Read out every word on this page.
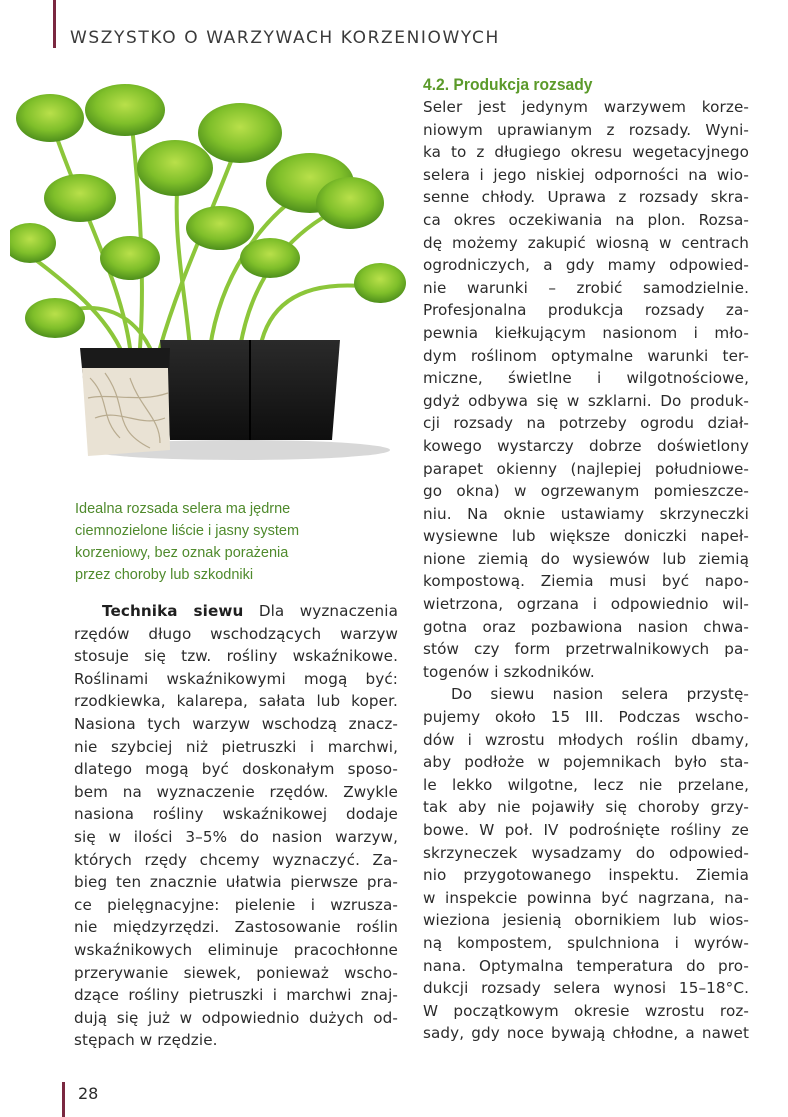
WSZYSTKO O WARZYWACH KORZENIOWYCH
Idealna rozsada selera ma jędrne
ciemnozielone liście i jasny system
korzeniowy, bez oznak porażenia
przez choroby lub szkodniki
Technika siewu Dla wyznaczenia
rzędów długo wschodzących warzyw
stosuje się tzw. rośliny wskaźnikowe.
Roślinami wskaźnikowymi mogą być:
rzodkiewka, kalarepa, sałata lub koper.
Nasiona tych warzyw wschodzą znacz-
nie szybciej niż pietruszki i marchwi,
dlatego mogą być doskonałym sposo-
bem na wyznaczenie rzędów. Zwykle
nasiona rośliny wskaźnikowej dodaje
się w ilości 3–5% do nasion warzyw,
których rzędy chcemy wyznaczyć. Za-
bieg ten znacznie ułatwia pierwsze pra-
ce pielęgnacyjne: pielenie i wzrusza-
nie międzyrzędzi. Zastosowanie roślin
wskaźnikowych eliminuje pracochłonne
przerywanie siewek, ponieważ wscho-
dzące rośliny pietruszki i marchwi znaj-
dują się już w odpowiednio dużych od-
stępach w rzędzie.
4.2. Produkcja rozsady
Seler jest jedynym warzywem korze-
niowym uprawianym z rozsady. Wyni-
ka to z długiego okresu wegetacyjnego
selera i jego niskiej odporności na wio-
senne chłody. Uprawa z rozsady skra-
ca okres oczekiwania na plon. Rozsa-
dę możemy zakupić wiosną w centrach
ogrodniczych, a gdy mamy odpowied-
nie warunki – zrobić samodzielnie.
Profesjonalna produkcja rozsady za-
pewnia kiełkującym nasionom i mło-
dym roślinom optymalne warunki ter-
miczne, świetlne i wilgotnościowe,
gdyż odbywa się w szklarni. Do produk-
cji rozsady na potrzeby ogrodu dział-
kowego wystarczy dobrze doświetlony
parapet okienny (najlepiej południowe-
go okna) w ogrzewanym pomieszcze-
niu. Na oknie ustawiamy skrzyneczki
wysiewne lub większe doniczki napeł-
nione ziemią do wysiewów lub ziemią
kompostową. Ziemia musi być napo-
wietrzona, ogrzana i odpowiednio wil-
gotna oraz pozbawiona nasion chwa-
stów czy form przetrwalnikowych pa-
togenów i szkodników.
Do siewu nasion selera przystę-
pujemy około 15 III. Podczas wscho-
dów i wzrostu młodych roślin dbamy,
aby podłoże w pojemnikach było sta-
le lekko wilgotne, lecz nie przelane,
tak aby nie pojawiły się choroby grzy-
bowe. W poł. IV podrośnięte rośliny ze
skrzyneczek wysadzamy do odpowied-
nio przygotowanego inspektu. Ziemia
w inspekcie powinna być nagrzana, na-
wieziona jesienią obornikiem lub wios-
ną kompostem, spulchniona i wyrów-
nana. Optymalna temperatura do pro-
dukcji rozsady selera wynosi 15–18°C.
W początkowym okresie wzrostu roz-
sady, gdy noce bywają chłodne, a nawet
28
